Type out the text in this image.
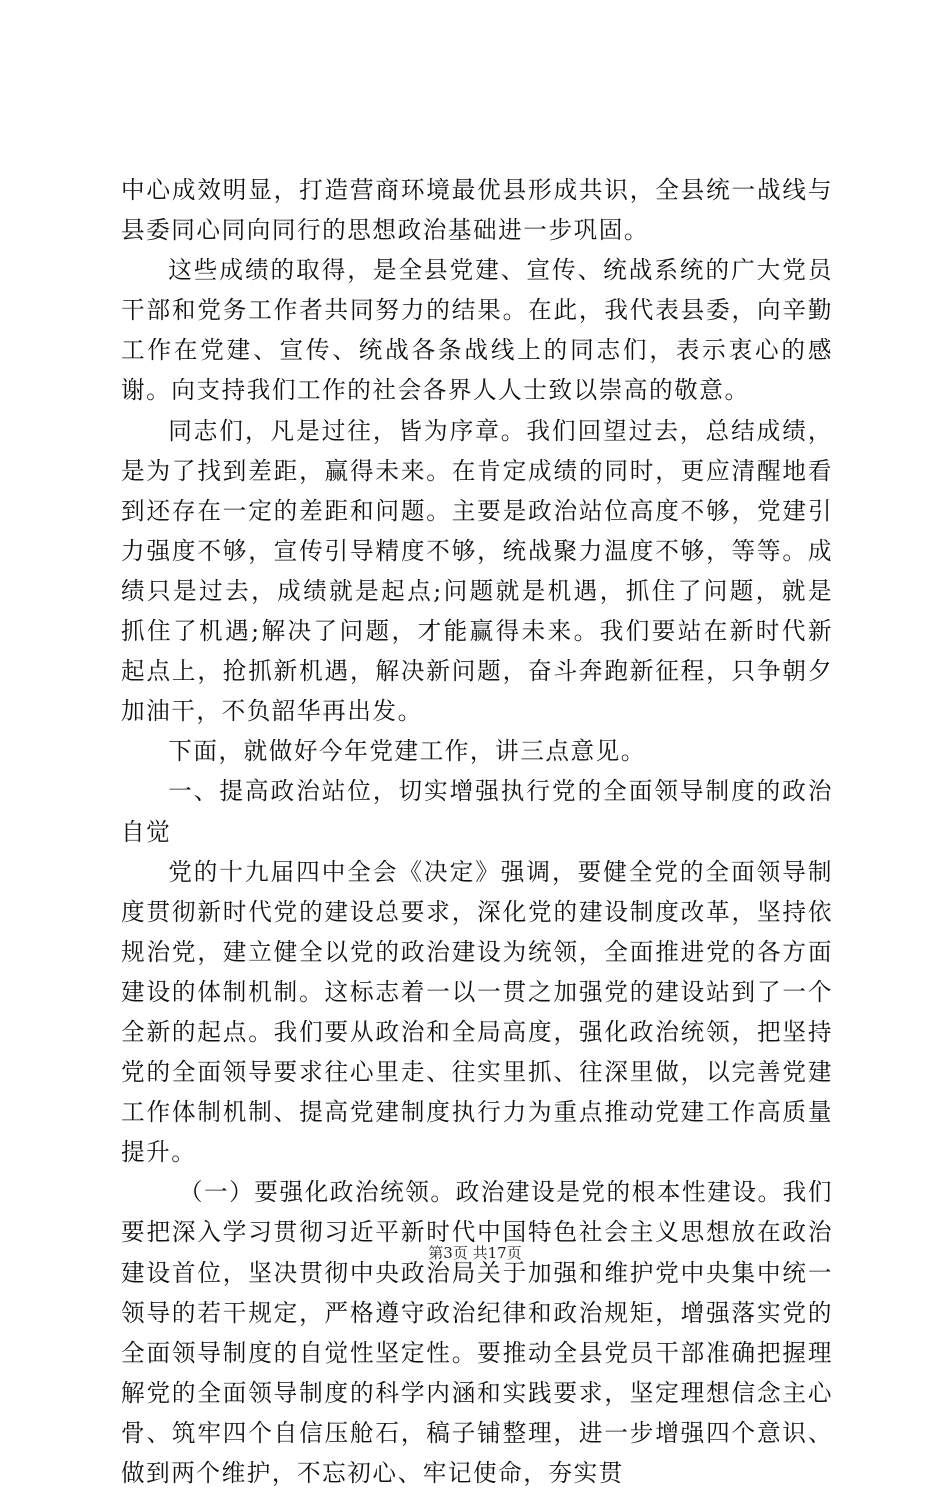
中心成效明显，打造营商环境最优县形成共识，全县统一战线与县委同心同向同行的思想政治基础进一步巩固。

这些成绩的取得，是全县党建、宣传、统战系统的广大党员干部和党务工作者共同努力的结果。在此，我代表县委，向辛勤工作在党建、宣传、统战各条战线上的同志们，表示衷心的感谢。向支持我们工作的社会各界人人士致以崇高的敬意。

同志们，凡是过往，皆为序章。我们回望过去，总结成绩，是为了找到差距，赢得未来。在肯定成绩的同时，更应清醒地看到还存在一定的差距和问题。主要是政治站位高度不够，党建引力强度不够，宣传引导精度不够，统战聚力温度不够，等等。成绩只是过去，成绩就是起点;问题就是机遇，抓住了问题，就是抓住了机遇;解决了问题，才能赢得未来。我们要站在新时代新起点上，抢抓新机遇，解决新问题，奋斗奔跑新征程，只争朝夕加油干，不负韶华再出发。

下面，就做好今年党建工作，讲三点意见。

一、提高政治站位，切实增强执行党的全面领导制度的政治自觉

党的十九届四中全会《决定》强调，要健全党的全面领导制度贯彻新时代党的建设总要求，深化党的建设制度改革，坚持依规治党，建立健全以党的政治建设为统领，全面推进党的各方面建设的体制机制。这标志着一以一贯之加强党的建设站到了一个全新的起点。我们要从政治和全局高度，强化政治统领，把坚持党的全面领导要求往心里走、往实里抓、往深里做，以完善党建工作体制机制、提高党建制度执行力为重点推动党建工作高质量提升。

（一）要强化政治统领。政治建设是党的根本性建设。我们要把深入学习贯彻习近平新时代中国特色社会主义思想放在政治建设首位，坚决贯彻中央政治局关于加强和维护党中央集中统一领导的若干规定，严格遵守政治纪律和政治规矩，增强落实党的全面领导制度的自觉性坚定性。要推动全县党员干部准确把握理解党的全面领导制度的科学内涵和实践要求，坚定理想信念主心骨、筑牢四个自信压舱石，稿子铺整理，进一步增强四个意识、做到两个维护，不忘初心、牢记使命，夯实贯

第3页 共17页
